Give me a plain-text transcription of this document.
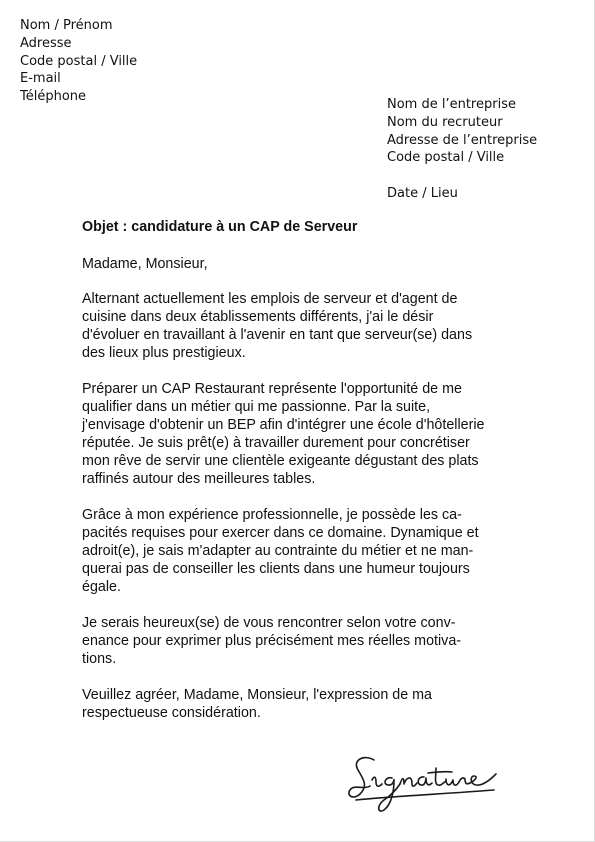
Nom / Prénom
Adresse
Code postal / Ville
E-mail
Téléphone
Nom de l’entreprise
Nom du recruteur
Adresse de l’entreprise
Code postal / Ville
Date / Lieu
Objet : candidature à un CAP de Serveur
Madame, Monsieur,
Alternant actuellement les emplois de serveur et d'agent de
cuisine dans deux établissements différents, j'ai le désir
d'évoluer en travaillant à l'avenir en tant que serveur(se) dans
des lieux plus prestigieux.
Préparer un CAP Restaurant représente l'opportunité de me
qualifier dans un métier qui me passionne. Par la suite,
j'envisage d'obtenir un BEP afin d'intégrer une école d'hôtellerie
réputée. Je suis prêt(e) à travailler durement pour concrétiser
mon rêve de servir une clientèle exigeante dégustant des plats
raffinés autour des meilleures tables.
Grâce à mon expérience professionnelle, je possède les ca-
pacités requises pour exercer dans ce domaine. Dynamique et
adroit(e), je sais m'adapter au contrainte du métier et ne man-
querai pas de conseiller les clients dans une humeur toujours
égale.
Je serais heureux(se) de vous rencontrer selon votre conv-
enance pour exprimer plus précisément mes réelles motiva-
tions.
Veuillez agréer, Madame, Monsieur, l'expression de ma
respectueuse considération.
